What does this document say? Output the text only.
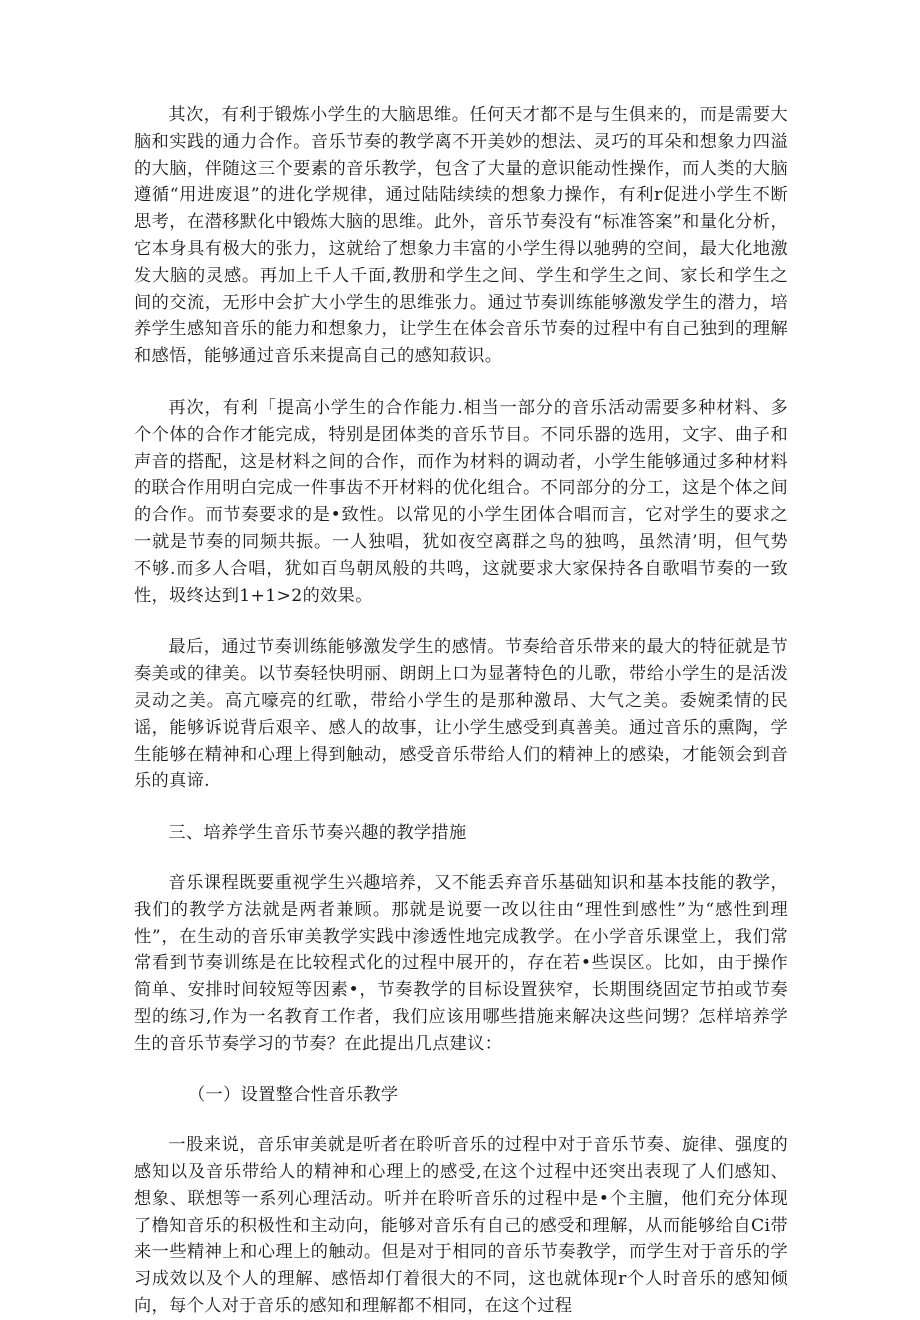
其次，有利于锻炼小学生的大脑思维。任何天才都不是与生俱来的，而是需要大脑和实践的通力合作。音乐节奏的教学离不开美妙的想法、灵巧的耳朵和想象力四溢的大脑，伴随这三个要素的音乐教学，包含了大量的意识能动性操作，而人类的大脑遵循“用进废退”的进化学规律，通过陆陆续续的想象力操作，有利r促进小学生不断思考，在潜移默化中锻炼大脑的思维。此外，音乐节奏没有“标准答案”和量化分析，它本身具有极大的张力，这就给了想象力丰富的小学生得以驰骋的空间，最大化地激发大脑的灵感。再加上千人千面,教册和学生之间、学生和学生之间、家长和学生之间的交流，无形中会扩大小学生的思维张力。通过节奏训练能够激发学生的潜力，培养学生感知音乐的能力和想象力，让学生在体会音乐节奏的过程中有自己独到的理解和感悟，能够通过音乐来提高自己的感知菽识。

再次，有利「提高小学生的合作能力.相当一部分的音乐活动需要多种材料、多个个体的合作才能完成，特别是团体类的音乐节目。不同乐器的选用，文字、曲子和声音的搭配，这是材料之间的合作，而作为材料的调动者，小学生能够通过多种材料的联合作用明白完成一件事齿不开材料的优化组合。不同部分的分工，这是个体之间的合作。而节奏要求的是•致性。以常见的小学生团体合唱而言，它对学生的要求之一就是节奏的同频共振。一人独唱，犹如夜空离群之鸟的独鸣，虽然清’明，但气势不够.而多人合唱，犹如百鸟朝凤般的共鸣，这就要求大家保持各自歌唱节奏的一致性，圾终达到1+1>2的效果。

最后，通过节奏训练能够激发学生的感情。节奏给音乐带来的最大的特征就是节奏美或的律美。以节奏轻快明丽、朗朗上口为显著特色的儿歌，带给小学生的是活泼灵动之美。高亢嚎亮的红歌，带给小学生的是那种激昂、大气之美。委婉柔情的民谣，能够诉说背后艰辛、感人的故事，让小学生感受到真善美。通过音乐的熏陶，学生能够在精神和心理上得到触动，感受音乐带给人们的精神上的感染，才能领会到音乐的真谛.

三、培养学生音乐节奏兴趣的教学措施

音乐课程既要重视学生兴趣培养，又不能丢弃音乐基础知识和基本技能的教学，我们的教学方法就是两者兼顾。那就是说要一改以往由“理性到感性”为“感性到理性”，在生动的音乐审美教学实践中渗透性地完成教学。在小学音乐课堂上，我们常常看到节奏训练是在比较程式化的过程中展开的，存在若•些误区。比如，由于操作简单、安排时间较短等因素•，节奏教学的目标设置狭窄，长期围绕固定节拍或节奏型的练习,作为一名教育工作者，我们应该用哪些措施来解决这些问甥？怎样培养学生的音乐节奏学习的节奏？在此提出几点建议：

（一）设置整合性音乐教学

一股来说，音乐审美就是听者在聆听音乐的过程中对于音乐节奏、旋律、强度的感知以及音乐带给人的精神和心理上的感受,在这个过程中还突出表现了人们感知、想象、联想等一系列心理活动。听并在聆听音乐的过程中是•个主膻，他们充分体现了橹知音乐的积极性和主动向，能够对音乐有自己的感受和理解，从而能够给自Ci带来一些精神上和心理上的触动。但是对于相同的音乐节奏教学，而学生对于音乐的学习成效以及个人的理解、感悟却仃着很大的不同，这也就体现r个人时音乐的感知倾向，每个人对于音乐的感知和理解都不相同，在这个过程
